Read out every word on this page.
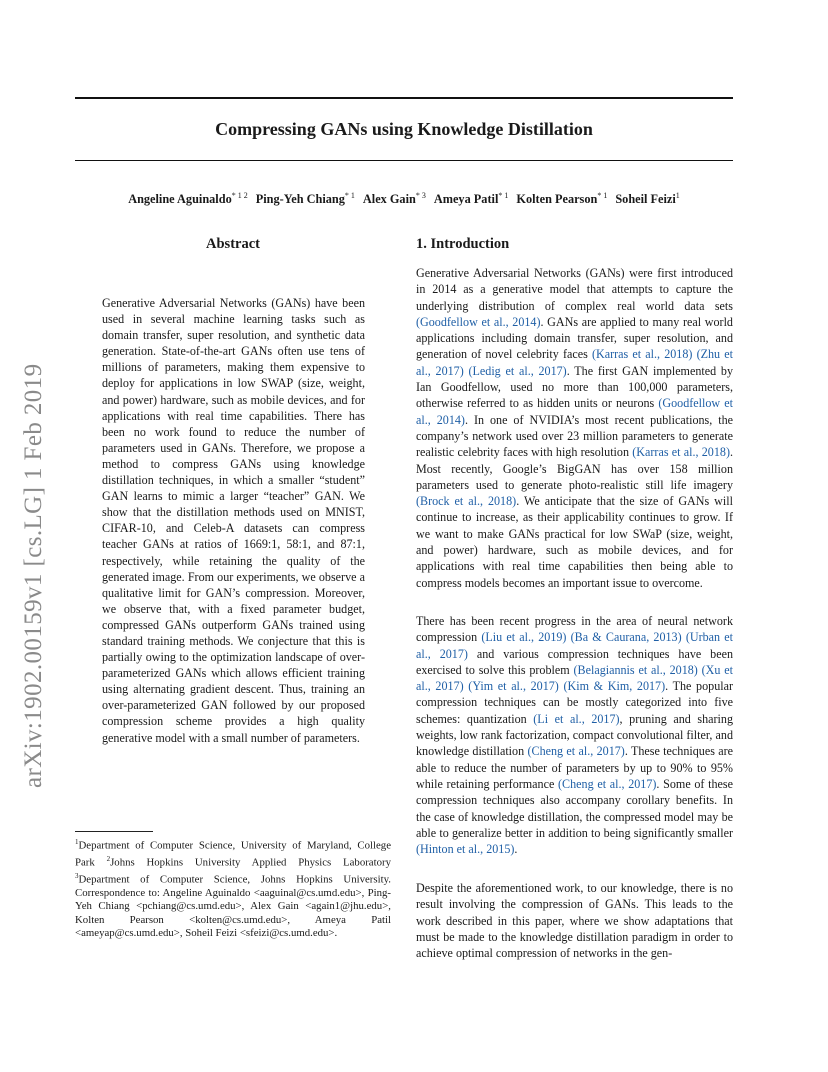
Compressing GANs using Knowledge Distillation
Angeline Aguinaldo$^{* 1 2}$ Ping-Yeh Chiang$^{* 1}$ Alex Gain$^{* 3}$ Ameya Patil$^{* 1}$ Kolten Pearson$^{* 1}$ Soheil Feizi$^1$
arXiv:1902.00159v1 [cs.LG] 1 Feb 2019
Abstract
Generative Adversarial Networks (GANs) have been used in several machine learning tasks such as domain transfer, super resolution, and synthetic data generation. State-of-the-art GANs often use tens of millions of parameters, making them expensive to deploy for applications in low SWAP (size, weight, and power) hardware, such as mobile devices, and for applications with real time capabilities. There has been no work found to reduce the number of parameters used in GANs. Therefore, we propose a method to compress GANs using knowledge distillation techniques, in which a smaller “student” GAN learns to mimic a larger “teacher” GAN. We show that the distillation methods used on MNIST, CIFAR-10, and Celeb-A datasets can compress teacher GANs at ratios of 1669:1, 58:1, and 87:1, respectively, while retaining the quality of the generated image. From our experiments, we observe a qualitative limit for GAN’s compression. Moreover, we observe that, with a fixed parameter budget, compressed GANs outperform GANs trained using standard training methods. We conjecture that this is partially owing to the optimization landscape of over-parameterized GANs which allows efficient training using alternating gradient descent. Thus, training an over-parameterized GAN followed by our proposed compression scheme provides a high quality generative model with a small number of parameters.
$^1$Department of Computer Science, University of Maryland, College Park $^2$Johns Hopkins University Applied Physics Laboratory $^3$Department of Computer Science, Johns Hopkins University. Correspondence to: Angeline Aguinaldo <aaguinal@cs.umd.edu>, Ping-Yeh Chiang <pchiang@cs.umd.edu>, Alex Gain <again1@jhu.edu>, Kolten Pearson <kolten@cs.umd.edu>, Ameya Patil <ameyap@cs.umd.edu>, Soheil Feizi <sfeizi@cs.umd.edu>.
1. Introduction
Generative Adversarial Networks (GANs) were first introduced in 2014 as a generative model that attempts to capture the underlying distribution of complex real world data sets (Goodfellow et al., 2014). GANs are applied to many real world applications including domain transfer, super resolution, and generation of novel celebrity faces (Karras et al., 2018) (Zhu et al., 2017) (Ledig et al., 2017). The first GAN implemented by Ian Goodfellow, used no more than 100,000 parameters, otherwise referred to as hidden units or neurons (Goodfellow et al., 2014). In one of NVIDIA’s most recent publications, the company’s network used over 23 million parameters to generate realistic celebrity faces with high resolution (Karras et al., 2018). Most recently, Google’s BigGAN has over 158 million parameters used to generate photo-realistic still life imagery (Brock et al., 2018). We anticipate that the size of GANs will continue to increase, as their applicability continues to grow. If we want to make GANs practical for low SWaP (size, weight, and power) hardware, such as mobile devices, and for applications with real time capabilities then being able to compress models becomes an important issue to overcome.
There has been recent progress in the area of neural network compression (Liu et al., 2019) (Ba & Caurana, 2013) (Urban et al., 2017) and various compression techniques have been exercised to solve this problem (Belagiannis et al., 2018) (Xu et al., 2017) (Yim et al., 2017) (Kim & Kim, 2017). The popular compression techniques can be mostly categorized into five schemes: quantization (Li et al., 2017), pruning and sharing weights, low rank factorization, compact convolutional filter, and knowledge distillation (Cheng et al., 2017). These techniques are able to reduce the number of parameters by up to 90% to 95% while retaining performance (Cheng et al., 2017). Some of these compression techniques also accompany corollary benefits. In the case of knowledge distillation, the compressed model may be able to generalize better in addition to being significantly smaller (Hinton et al., 2015).
Despite the aforementioned work, to our knowledge, there is no result involving the compression of GANs. This leads to the work described in this paper, where we show adaptations that must be made to the knowledge distillation paradigm in order to achieve optimal compression of networks in the gen-
